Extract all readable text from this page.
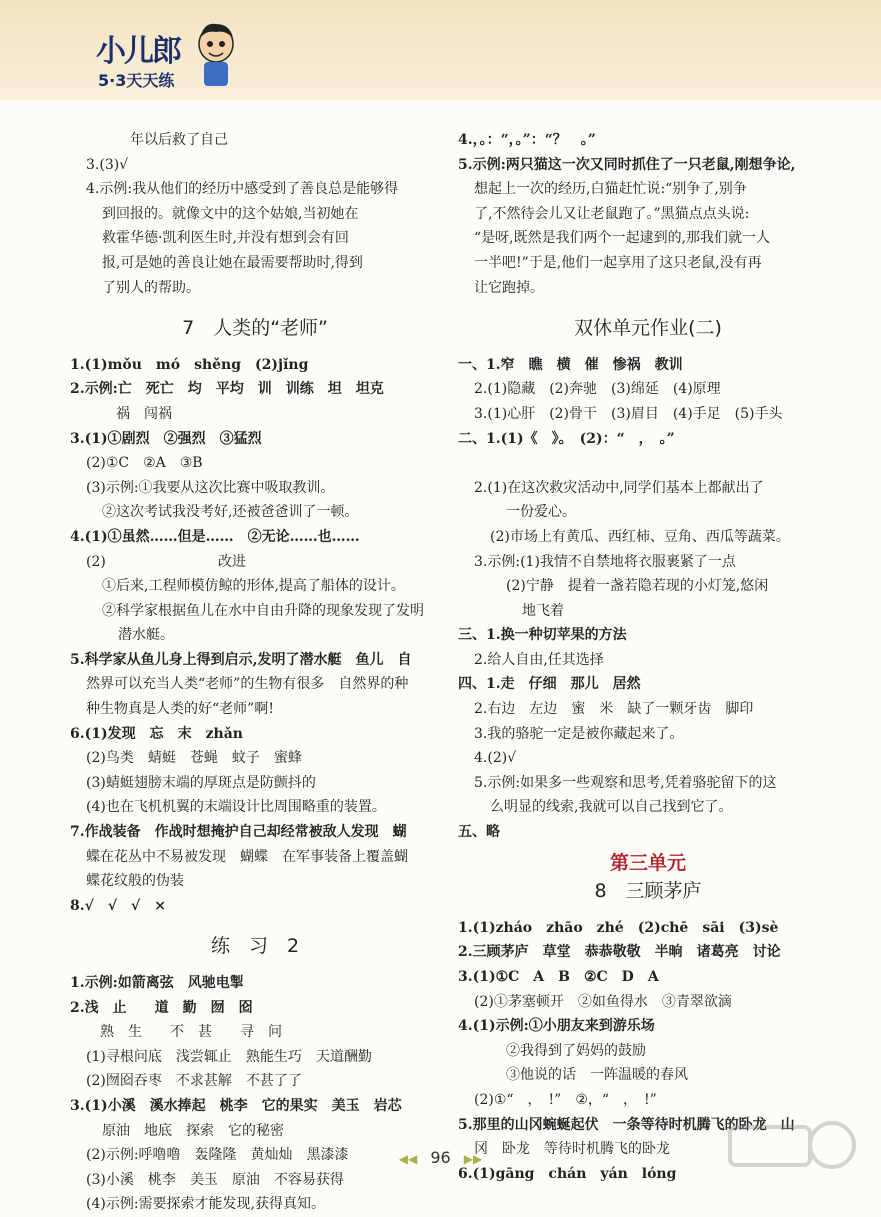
小儿郎
5·3天天练
　　年以后救了自己
3.(3)√
4.示例:我从他们的经历中感受到了善良总是能够得
到回报的。就像文中的这个姑娘,当初她在
救霍华德·凯利医生时,并没有想到会有回
报,可是她的善良让她在最需要帮助时,得到
了别人的帮助。
7　人类的“老师”
1.(1)mǒu　mó　shěng　(2)jǐng
2.示例:亡　死亡　均　平均　训　训练　坦　坦克
　祸　闯祸
3.(1)①剧烈　②强烈　③猛烈
(2)①C　②A　③B
(3)示例:①我要从这次比赛中吸取教训。
②这次考试我没考好,还被爸爸训了一顿。
4.(1)①虽然……但是……　②无论……也……
(2)　　　　　　　　改进
①后来,工程师模仿鲸的形体,提高了船体的设计。
②科学家根据鱼儿在水中自由升降的现象发现了发明
潜水艇。
5.科学家从鱼儿身上得到启示,发明了潜水艇　鱼儿　自
然界可以充当人类“老师”的生物有很多　自然界的种
种生物真是人类的好“老师”啊!
6.(1)发现　忘　末　zhǎn
(2)鸟类　蜻蜓　苍蝇　蚊子　蜜蜂
(3)蜻蜓翅膀末端的厚斑点是防颤抖的
(4)也在飞机机翼的末端设计比周围略重的装置。
7.作战装备　作战时想掩护自己却经常被敌人发现　蝴
蝶在花丛中不易被发现　蝴蝶　在军事装备上覆盖蝴
蝶花纹般的伪装
8.√　√　√　×
练　习　2
1.示例:如箭离弦　风驰电掣
2.浅　止　　道　勤　囫　囵
　熟　生　　不　甚　　寻　问
(1)寻根问底　浅尝辄止　熟能生巧　天道酬勤
(2)囫囵吞枣　不求甚解　不甚了了
3.(1)小溪　溪水捧起　桃李　它的果实　美玉　岩芯
原油　地底　探索　它的秘密
(2)示例:呼噜噜　轰隆隆　黄灿灿　黑漆漆
(3)小溪　桃李　美玉　原油　不容易获得
(4)示例:需要探索才能发现,获得真知。
4.，。：“，。”：“？　。”
5.示例:两只猫这一次又同时抓住了一只老鼠,刚想争论,
想起上一次的经历,白猫赶忙说:“别争了,别争
了,不然待会儿又让老鼠跑了。”黑猫点点头说:
“是呀,既然是我们两个一起逮到的,那我们就一人
一半吧!”于是,他们一起享用了这只老鼠,没有再
让它跑掉。
双休单元作业(二)
一、1.窄　瞧　横　催　惨祸　教训
2.(1)隐藏　(2)奔驰　(3)绵延　(4)原理
3.(1)心肝　(2)骨干　(3)眉目　(4)手足　(5)手头
二、1.(1)《　》。　(2)：“　，　。”
2.(1)在这次救灾活动中,同学们基本上都献出了
一份爱心。
(2)市场上有黄瓜、西红柿、豆角、西瓜等蔬菜。
3.示例:(1)我情不自禁地将衣服裹紧了一点
(2)宁静　提着一盏若隐若现的小灯笼,悠闲
地飞着
三、1.换一种切苹果的方法
2.给人自由,任其选择
四、1.走　仔细　那儿　居然
2.右边　左边　蜜　米　缺了一颗牙齿　脚印
3.我的骆驼一定是被你藏起来了。
4.(2)√
5.示例:如果多一些观察和思考,凭着骆驼留下的这
么明显的线索,我就可以自己找到它了。
五、略
第三单元
8　三顾茅庐
1.(1)zháo　zhāo　zhé　(2)chē　sāi　(3)sè
2.三顾茅庐　草堂　恭恭敬敬　半晌　诸葛亮　讨论
3.(1)①C　A　B　②C　D　A
(2)①茅塞顿开　②如鱼得水　③青翠欲滴
4.(1)示例:①小朋友来到游乐场
②我得到了妈妈的鼓励
③他说的话　一阵温暖的春风
(2)①“　，　!”　②，“　，　!”
5.那里的山冈蜿蜒起伏　一条等待时机腾飞的卧龙　山
冈　卧龙　等待时机腾飞的卧龙
6.(1)gāng　chán　yán　lóng
◀◀ 96 ▶▶
